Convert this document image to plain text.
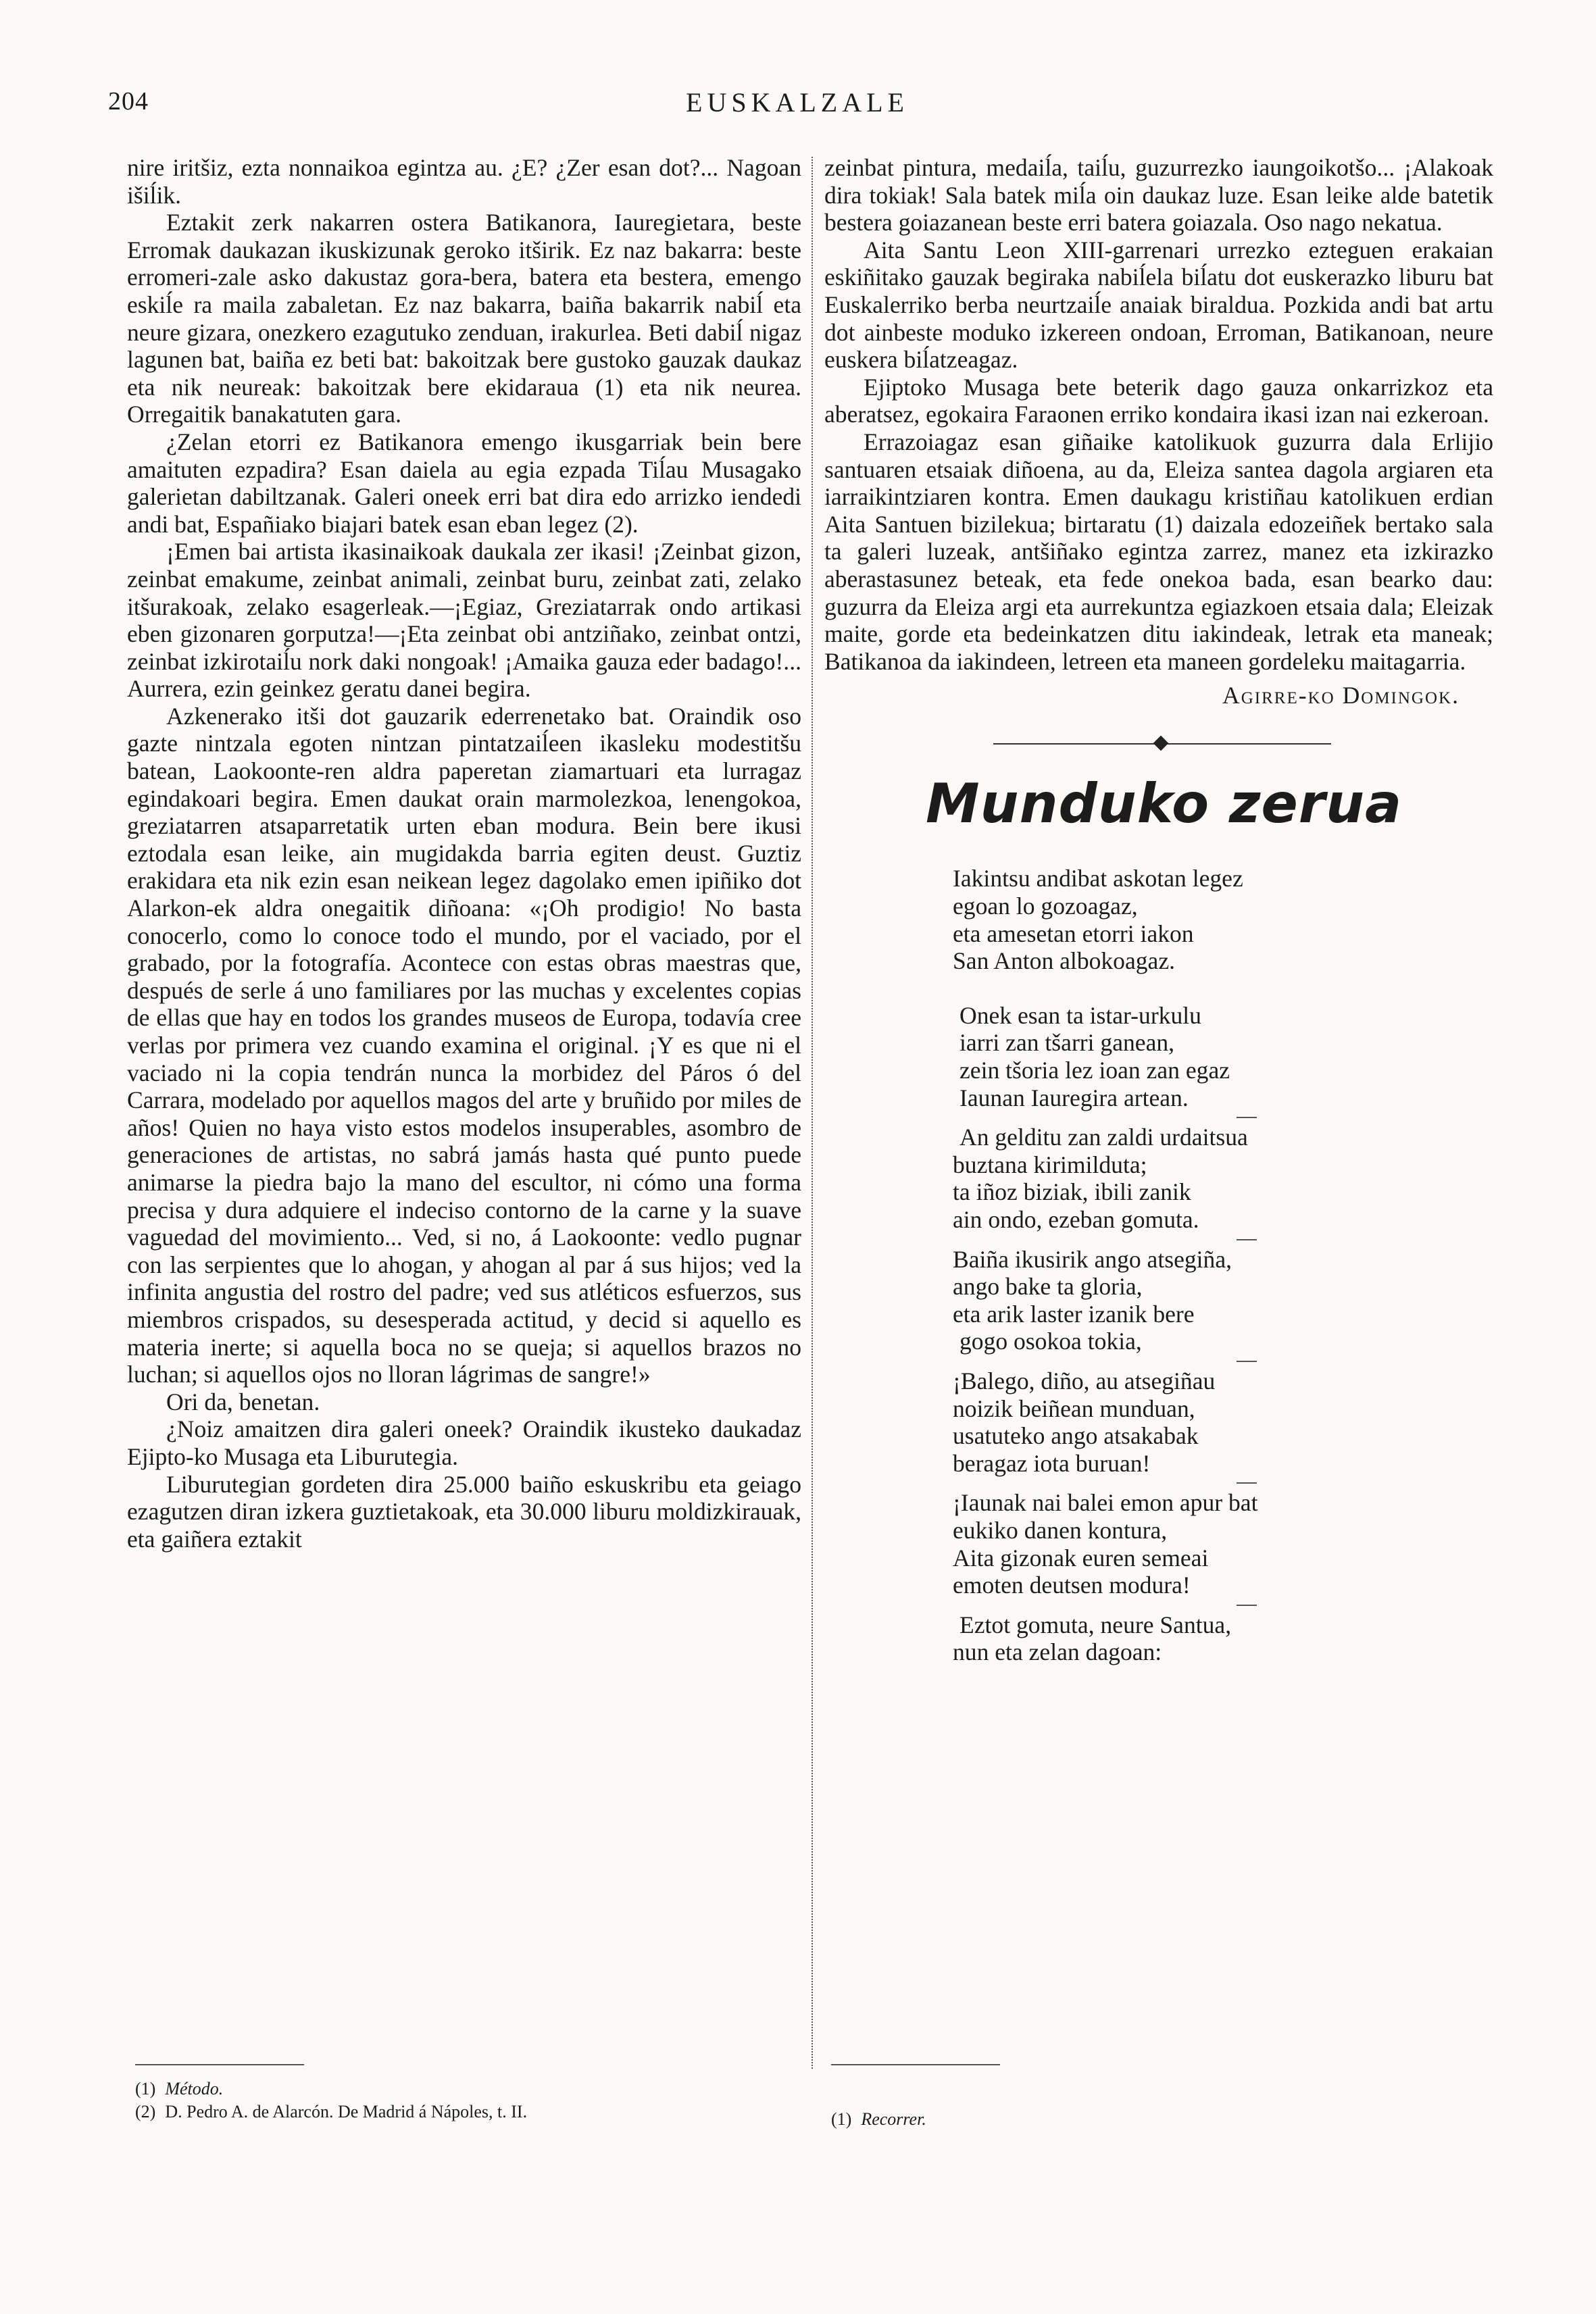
204	EUSKALZALE

nire iritšiz, ezta nonnaikoa egintza au. ¿E? ¿Zer esan dot?... Nagoan išiĺik.

Eztakit zerk nakarren ostera Batikanora, Iauregietara, beste Erromak daukazan ikuskizunak geroko itširik. Ez naz bakarra: beste erromeri-zale asko dakustaz gora-bera, batera eta bestera, emengo eskiĺe ra maila zabaletan. Ez naz bakarra, baiña bakarrik nabiĺ eta neure gizara, onezkero ezagutuko zenduan, irakurlea. Beti dabiĺ nigaz lagunen bat, baiña ez beti bat: bakoitzak bere gustoko gauzak daukaz eta nik neureak: bakoitzak bere ekidaraua (1) eta nik neurea. Orregaitik banakatuten gara.

¿Zelan etorri ez Batikanora emengo ikusgarriak bein bere amaituten ezpadira? Esan daiela au egia ezpada Tiĺau Musagako galerietan dabiltzanak. Galeri oneek erri bat dira edo arrizko iendedi andi bat, Españiako biajari batek esan eban legez (2).

¡Emen bai artista ikasinaikoak daukala zer ikasi! ¡Zeinbat gizon, zeinbat emakume, zeinbat animali, zeinbat buru, zeinbat zati, zelako itšurakoak, zelako esagerleak.—¡Egiaz, Greziatarrak ondo artikasi eben gizonaren gorputza!—¡Eta zeinbat obi antziñako, zeinbat ontzi, zeinbat izkirotaiĺu nork daki nongoak! ¡Amaika gauza eder badago!... Aurrera, ezin geinkez geratu danei begira.

Azkenerako itši dot gauzarik ederrenetako bat. Oraindik oso gazte nintzala egoten nintzan pintatzaiĺeen ikasleku modestitšu batean, Laokoonte-ren aldra paperetan ziamartuari eta lurragaz egindakoari begira. Emen daukat orain marmolezkoa, lenengokoa, greziatarren atsaparretatik urten eban modura. Bein bere ikusi eztodala esan leike, ain mugidakda barria egiten deust. Guztiz erakidara eta nik ezin esan neikean legez dagolako emen ipiñiko dot Alarkon-ek aldra onegaitik diñoana: «¡Oh prodigio! No basta conocerlo, como lo conoce todo el mundo, por el vaciado, por el grabado, por la fotografía. Acontece con estas obras maestras que, después de serle á uno familiares por las muchas y excelentes copias de ellas que hay en todos los grandes museos de Europa, todavía cree verlas por primera vez cuando examina el original. ¡Y es que ni el vaciado ni la copia tendrán nunca la morbidez del Páros ó del Carrara, modelado por aquellos magos del arte y bruñido por miles de años! Quien no haya visto estos modelos insuperables, asombro de generaciones de artistas, no sabrá jamás hasta qué punto puede animarse la piedra bajo la mano del escultor, ni cómo una forma precisa y dura adquiere el indeciso contorno de la carne y la suave vaguedad del movimiento... Ved, si no, á Laokoonte: vedlo pugnar con las serpientes que lo ahogan, y ahogan al par á sus hijos; ved la infinita angustia del rostro del padre; ved sus atléticos esfuerzos, sus miembros crispados, su desesperada actitud, y decid si aquello es materia inerte; si aquella boca no se queja; si aquellos brazos no luchan; si aquellos ojos no lloran lágrimas de sangre!»

Ori da, benetan.

¿Noiz amaitzen dira galeri oneek? Oraindik ikusteko daukadaz Ejipto-ko Musaga eta Liburutegia.

Liburutegian gordeten dira 25.000 baiño eskuskribu eta geiago ezagutzen diran izkera guztietakoak, eta 30.000 liburu moldizkirauak, eta gaiñera eztakit

zeinbat pintura, medaiĺa, taiĺu, guzurrezko iaungoikotšo... ¡Alakoak dira tokiak! Sala batek miĺa oin daukaz luze. Esan leike alde batetik bestera goiazanean beste erri batera goiazala. Oso nago nekatua.

Aita Santu Leon XIII-garrenari urrezko ezteguen erakaian eskiñitako gauzak begiraka nabiĺela biĺatu dot euskerazko liburu bat Euskalerriko berba neurtzaiĺe anaiak biraldua. Pozkida andi bat artu dot ainbeste moduko izkereen ondoan, Erroman, Batikanoan, neure euskera biĺatzeagaz.

Ejiptoko Musaga bete beterik dago gauza onkarrizkoz eta aberatsez, egokaira Faraonen erriko kondaira ikasi izan nai ezkeroan.

Errazoiagaz esan giñaike katolikuok guzurra dala Erlijio santuaren etsaiak diñoena, au da, Eleiza santea dagola argiaren eta iarraikintziaren kontra. Emen daukagu kristiñau katolikuen erdian Aita Santuen bizilekua; birtaratu (1) daizala edozeiñek bertako sala ta galeri luzeak, antšiñako egintza zarrez, manez eta izkirazko aberastasunez beteak, eta fede onekoa bada, esan bearko dau: guzurra da Eleiza argi eta aurrekuntza egiazkoen etsaia dala; Eleizak maite, gorde eta bedeinkatzen ditu iakindeak, letrak eta maneak; Batikanoa da iakindeen, letreen eta maneen gordeleku maitagarria.

Agirre-ko Domingok.
Munduko zerua
Iakintsu andibat askotan legez
egoan lo gozoagaz,
eta amesetan etorri iakon
San Anton albokoagaz.
Onek esan ta istar-urkulu
iarri zan tšarri ganean,
zein tšoria lez ioan zan egaz
Iaunan Iauregira artean.
An gelditu zan zaldi urdaitsua
buztana kirimilduta;
ta iñoz biziak, ibili zanik
ain ondo, ezeban gomuta.
Baiña ikusirik ango atsegiña,
ango bake ta gloria,
eta arik laster izanik bere
gogo osokoa tokia,
¡Balego, diño, au atsegiñau
noizik beiñean munduan,
usatuteko ango atsakabak
beragaz iota buruan!
¡Iaunak nai balei emon apur bat
eukiko danen kontura,
Aita gizonak euren semeai
emoten deutsen modura!
Eztot gomuta, neure Santua,
nun eta zelan dagoan:
(1) Método.
(2) D. Pedro A. de Alarcón. De Madrid á Nápoles, t. II.	(1) Recorrer.
